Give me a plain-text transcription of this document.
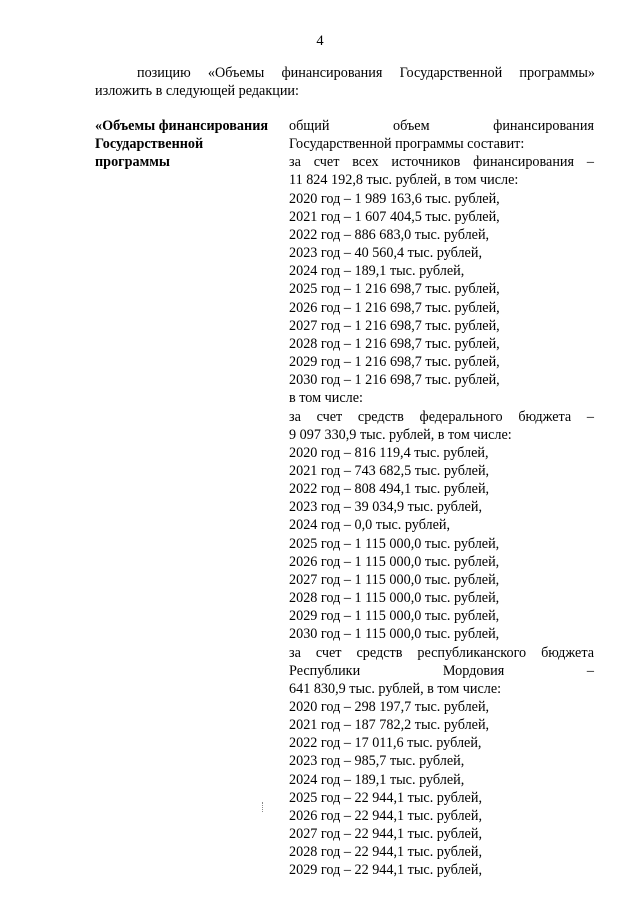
4
позицию «Объемы финансирования Государственной программы»
изложить в следующей редакции:
«Объемы финансирования
Государственной
программы
общий объем финансирования
Государственной программы составит:
за счет всех источников финансирования –
11 824 192,8 тыс. рублей, в том числе:
2020 год – 1 989 163,6 тыс. рублей,
2021 год – 1 607 404,5 тыс. рублей,
2022 год – 886 683,0 тыс. рублей,
2023 год – 40 560,4 тыс. рублей,
2024 год – 189,1 тыс. рублей,
2025 год – 1 216 698,7 тыс. рублей,
2026 год – 1 216 698,7 тыс. рублей,
2027 год – 1 216 698,7 тыс. рублей,
2028 год – 1 216 698,7 тыс. рублей,
2029 год – 1 216 698,7 тыс. рублей,
2030 год – 1 216 698,7 тыс. рублей,
в том числе:
за счет средств федерального бюджета –
9 097 330,9 тыс. рублей, в том числе:
2020 год – 816 119,4 тыс. рублей,
2021 год – 743 682,5 тыс. рублей,
2022 год – 808 494,1 тыс. рублей,
2023 год – 39 034,9 тыс. рублей,
2024 год – 0,0 тыс. рублей,
2025 год – 1 115 000,0 тыс. рублей,
2026 год – 1 115 000,0 тыс. рублей,
2027 год – 1 115 000,0 тыс. рублей,
2028 год – 1 115 000,0 тыс. рублей,
2029 год – 1 115 000,0 тыс. рублей,
2030 год – 1 115 000,0 тыс. рублей,
за счет средств республиканского бюджета
Республики Мордовия –
641 830,9 тыс. рублей, в том числе:
2020 год – 298 197,7 тыс. рублей,
2021 год – 187 782,2 тыс. рублей,
2022 год – 17 011,6 тыс. рублей,
2023 год – 985,7 тыс. рублей,
2024 год – 189,1 тыс. рублей,
2025 год – 22 944,1 тыс. рублей,
2026 год – 22 944,1 тыс. рублей,
2027 год – 22 944,1 тыс. рублей,
2028 год – 22 944,1 тыс. рублей,
2029 год – 22 944,1 тыс. рублей,
